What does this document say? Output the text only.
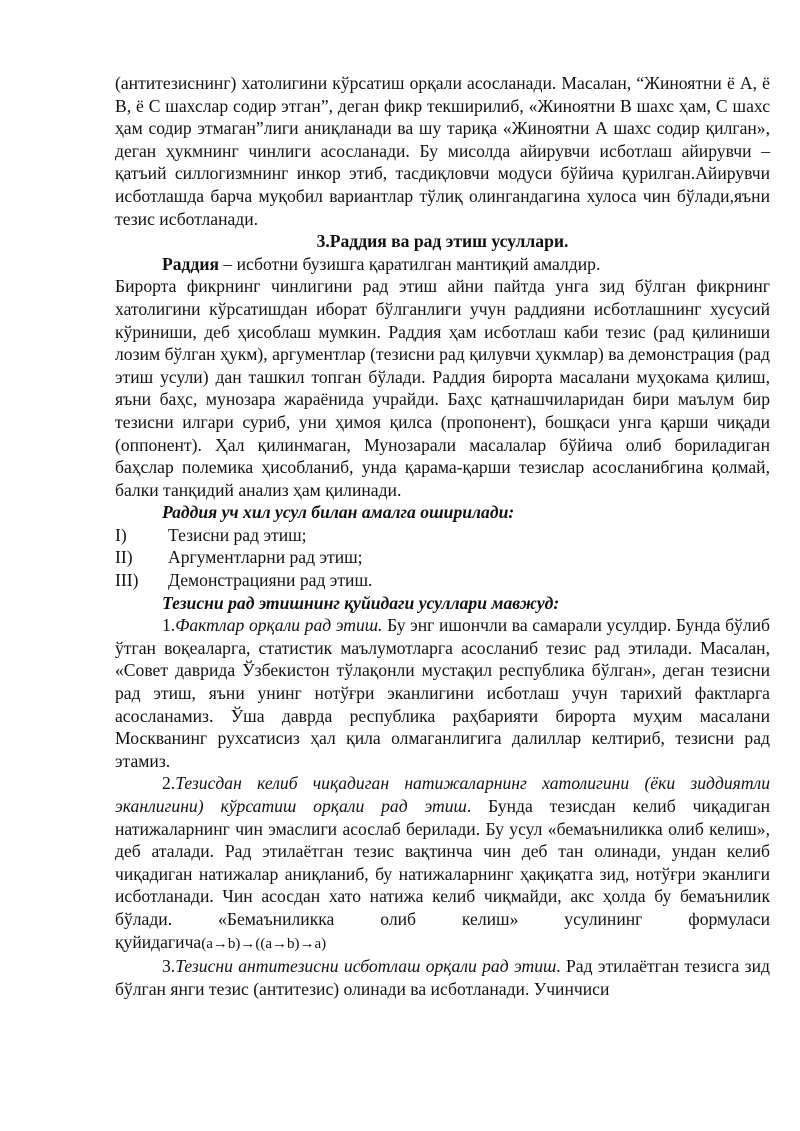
(антитезиснинг) хатолигини кўрсатиш орқали асосланади. Масалан, “Жиноятни ё А, ё В, ё С шахслар содир этган”, деган фикр текширилиб, «Жиноятни В шахс ҳам, С шахс ҳам содир этмаган”лиги аниқланади ва шу тариқа «Жиноятни А шахс содир қилган», деган ҳукмнинг чинлиги асосланади. Бу мисолда айирувчи исботлаш айирувчи – қатъий силлогизмнинг инкор этиб, тасдиқловчи модуси бўйича қурилган.Айирувчи исботлашда барча муқобил вариантлар тўлиқ олингандагина хулоса чин бўлади,яъни тезис исботланади.

3.Раддия ва рад этиш усуллари.

Раддия – исботни бузишга қаратилган мантиқий амалдир.

Бирорта фикрнинг чинлигини рад этиш айни пайтда унга зид бўлган фикрнинг хатолигини кўрсатишдан иборат бўлганлиги учун раддияни исботлашнинг хусусий кўриниши, деб ҳисоблаш мумкин. Раддия ҳам исботлаш каби тезис (рад қилиниши лозим бўлган ҳукм), аргументлар (тезисни рад қилувчи ҳукмлар) ва демонстрация (рад этиш усули) дан ташкил топган бўлади. Раддия бирорта масалани муҳокама қилиш, яъни баҳс, мунозара жараёнида учрайди. Баҳс қатнашчиларидан бири маълум бир тезисни илгари суриб, уни ҳимоя қилса (пропонент), бошқаси унга қарши чиқади (оппонент). Ҳал қилинмаган, Мунозарали масалалар бўйича олиб бориладиган баҳслар полемика ҳисобланиб, унда қарама-қарши тезислар асосланибгина қолмай, балки танқидий анализ ҳам қилинади.

Раддия уч хил усул билан амалга оширилади:

I) Тезисни рад этиш;

II) Аргументларни рад этиш;

III) Демонстрацияни рад этиш.

Тезисни рад этишнинг қуйидаги усуллари мавжуд:

1.Фактлар орқали рад этиш. Бу энг ишончли ва самарали усулдир. Бунда бўлиб ўтган воқеаларга, статистик маълумотларга асосланиб тезис рад этилади. Масалан, «Совет даврида Ўзбекистон тўлақонли мустақил республика бўлган», деган тезисни рад этиш, яъни унинг нотўғри эканлигини исботлаш учун тарихий фактларга асосланамиз. Ўша даврда республика раҳбарияти бирорта муҳим масалани Москванинг рухсатисиз ҳал қила олмаганлигига далиллар келтириб, тезисни рад этамиз.

2.Тезисдан келиб чиқадиган натижаларнинг хатолигини (ёки зиддиятли эканлигини) кўрсатиш орқали рад этиш. Бунда тезисдан келиб чиқадиган натижаларнинг чин эмаслиги асослаб берилади. Бу усул «бемаъниликка олиб келиш», деб аталади. Рад этилаётган тезис вақтинча чин деб тан олинади, ундан келиб чиқадиган натижалар аниқланиб, бу натижаларнинг ҳақиқатга зид, нотўғри эканлиги исботланади. Чин асосдан хато натижа келиб чиқмайди, акс ҳолда бу бемаънилик бўлади. «Бемаъниликка олиб келиш» усулининг формуласи қуйидагича(a→b)→((a→b)→a)

3.Тезисни антитезисни исботлаш орқали рад этиш. Рад этилаётган тезисга зид бўлган янги тезис (антитезис) олинади ва исботланади. Учинчиси
